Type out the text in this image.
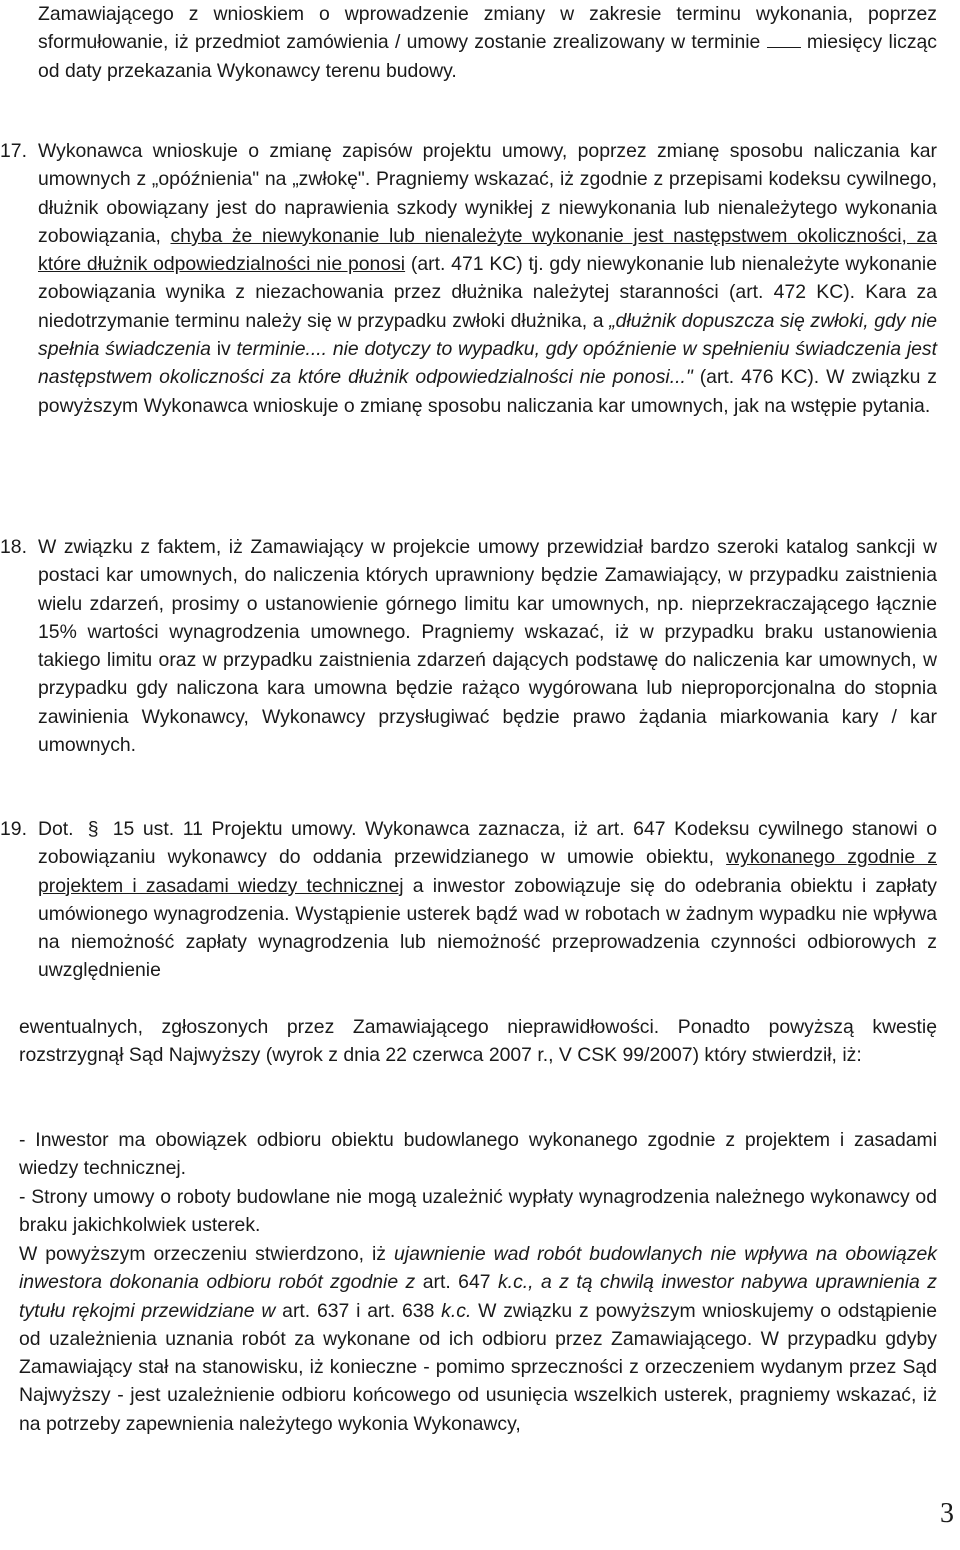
Zamawiającego z wnioskiem o wprowadzenie zmiany w zakresie terminu wykonania, poprzez sformułowanie, iż przedmiot zamówienia / umowy zostanie zrealizowany w terminie  miesięcy licząc od daty przekazania Wykonawcy terenu budowy.

17. Wykonawca wnioskuje o zmianę zapisów projektu umowy, poprzez zmianę sposobu naliczania kar umownych z „opóźnienia" na „zwłokę". Pragniemy wskazać, iż zgodnie z przepisami kodeksu cywilnego, dłużnik obowiązany jest do naprawienia szkody wynikłej z niewykonania lub nienależytego wykonania zobowiązania, chyba że niewykonanie lub nienależyte wykonanie jest następstwem okoliczności, za które dłużnik odpowiedzialności nie ponosi (art. 471 KC) tj. gdy niewykonanie lub nienależyte wykonanie zobowiązania wynika z niezachowania przez dłużnika należytej staranności (art. 472 KC). Kara za niedotrzymanie terminu należy się w przypadku zwłoki dłużnika, a „dłużnik dopuszcza się zwłoki, gdy nie spełnia świadczenia iv terminie.... nie dotyczy to wypadku, gdy opóźnienie w spełnieniu świadczenia jest następstwem okoliczności za które dłużnik odpowiedzialności nie ponosi..." (art. 476 KC). W związku z powyższym Wykonawca wnioskuje o zmianę sposobu naliczania kar umownych, jak na wstępie pytania.

18. W związku z faktem, iż Zamawiający w projekcie umowy przewidział bardzo szeroki katalog sankcji w postaci kar umownych, do naliczenia których uprawniony będzie Zamawiający, w przypadku zaistnienia wielu zdarzeń, prosimy o ustanowienie górnego limitu kar umownych, np. nieprzekraczającego łącznie 15% wartości wynagrodzenia umownego. Pragniemy wskazać, iż w przypadku braku ustanowienia takiego limitu oraz w przypadku zaistnienia zdarzeń dających podstawę do naliczenia kar umownych, w przypadku gdy naliczona kara umowna będzie rażąco wygórowana lub nieproporcjonalna do stopnia zawinienia Wykonawcy, Wykonawcy przysługiwać będzie prawo żądania miarkowania kary / kar umownych.

19. Dot. § 15 ust. 11 Projektu umowy. Wykonawca zaznacza, iż art. 647 Kodeksu cywilnego stanowi o zobowiązaniu wykonawcy do oddania przewidzianego w umowie obiektu, wykonanego zgodnie z projektem i zasadami wiedzy technicznej a inwestor zobowiązuje się do odebrania obiektu i zapłaty umówionego wynagrodzenia. Wystąpienie usterek bądź wad w robotach w żadnym wypadku nie wpływa na niemożność zapłaty wynagrodzenia lub niemożność przeprowadzenia czynności odbiorowych z uwzględnienie

ewentualnych, zgłoszonych przez Zamawiającego nieprawidłowości. Ponadto powyższą kwestię rozstrzygnął Sąd Najwyższy (wyrok z dnia 22 czerwca 2007 r., V CSK 99/2007) który stwierdził, iż:

- Inwestor ma obowiązek odbioru obiektu budowlanego wykonanego zgodnie z projektem i zasadami wiedzy technicznej.

- Strony umowy o roboty budowlane nie mogą uzależnić wypłaty wynagrodzenia należnego wykonawcy od braku jakichkolwiek usterek.

W powyższym orzeczeniu stwierdzono, iż ujawnienie wad robót budowlanych nie wpływa na obowiązek inwestora dokonania odbioru robót zgodnie z art. 647 k.c., a z tą chwilą inwestor nabywa uprawnienia z tytułu rękojmi przewidziane w art. 637 i art. 638 k.c. W związku z powyższym wnioskujemy o odstąpienie od uzależnienia uznania robót za wykonane od ich odbioru przez Zamawiającego. W przypadku gdyby Zamawiający stał na stanowisku, iż konieczne - pomimo sprzeczności z orzeczeniem wydanym przez Sąd Najwyższy - jest uzależnienie odbioru końcowego od usunięcia wszelkich usterek, pragniemy wskazać, iż na potrzeby zapewnienia należytego wykonia Wykonawcy,

3
